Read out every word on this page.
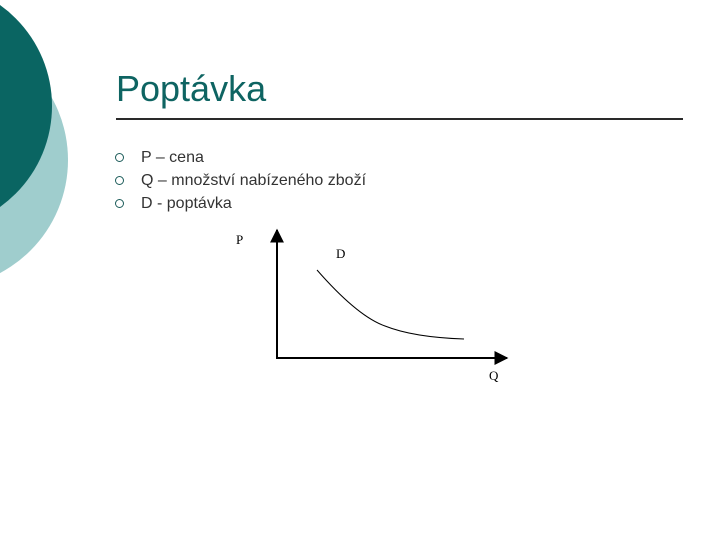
Poptávka
P – cena
Q – množství nabízeného zboží
D - poptávka
P
D
Q
